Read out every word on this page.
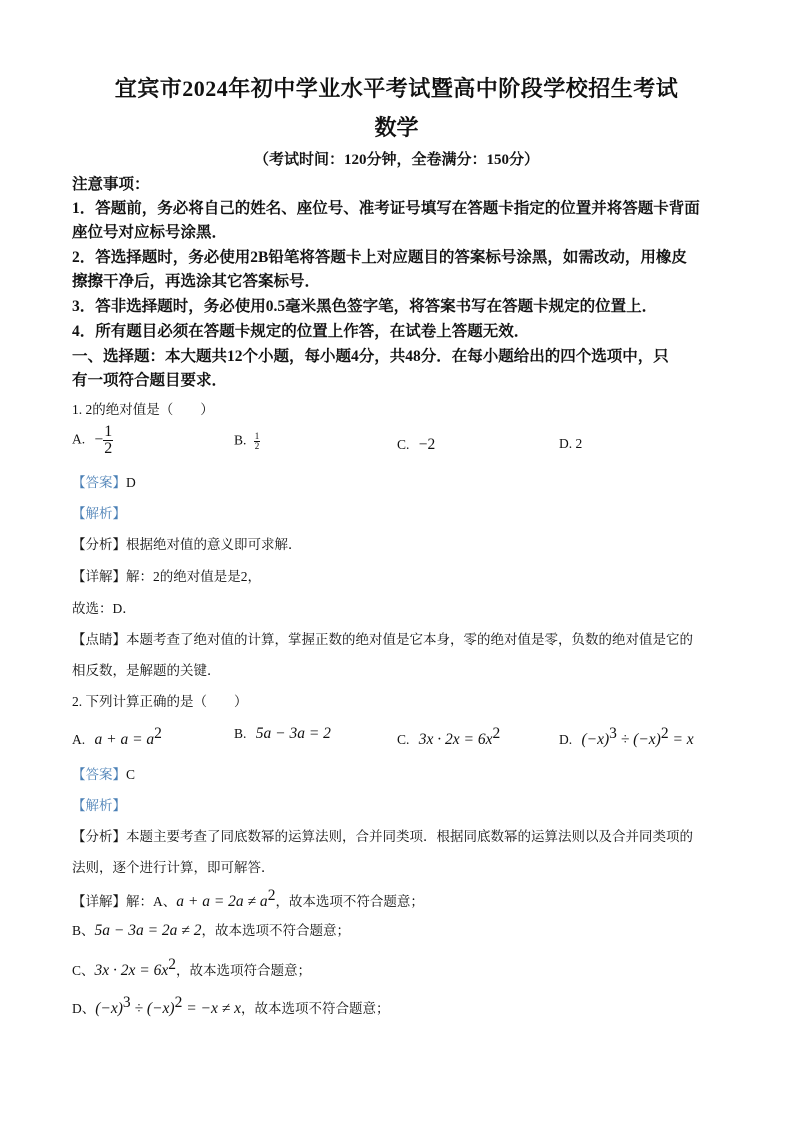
宜宾市2024年初中学业水平考试暨高中阶段学校招生考试
数学
（考试时间：120分钟，全卷满分：150分）
注意事项：
1．答题前，务必将自己的姓名、座位号、准考证号填写在答题卡指定的位置并将答题卡背面
座位号对应标号涂黑．
2．答选择题时，务必使用2B铅笔将答题卡上对应题目的答案标号涂黑，如需改动，用橡皮
擦擦干净后，再选涂其它答案标号．
3．答非选择题时，务必使用0.5毫米黑色签字笔，将答案书写在答题卡规定的位置上．
4．所有题目必须在答题卡规定的位置上作答，在试卷上答题无效．
一、选择题：本大题共12个小题，每小题4分，共48分．在每小题给出的四个选项中，只
有一项符合题目要求．
1. 2的绝对值是（　　）
A. − $\frac{1}{2}$	B. $\frac{1}{2}$	C. −2	D. 2
【答案】D
【解析】
【分析】根据绝对值的意义即可求解．
【详解】解：2的绝对值是是2，
故选：D．
【点睛】本题考查了绝对值的计算，掌握正数的绝对值是它本身，零的绝对值是零，负数的绝对值是它的
相反数，是解题的关键．
2. 下列计算正确的是（　　）
A. $a + a = a^2$	B. 5a − 3a = 2	C. $3x \cdot 2x = 6x^2$	D. $(-x)^3 \div (-x)^2 = x$
【答案】C
【解析】
【分析】本题主要考查了同底数幂的运算法则，合并同类项．根据同底数幂的运算法则以及合并同类项的
法则，逐个进行计算，即可解答．
【详解】解：A、$a + a = 2a \ne a^2$，故本选项不符合题意；
B、5a − 3a = 2a ≠ 2，故本选项不符合题意；
C、$3x \cdot 2x = 6x^2$，故本选项符合题意；
D、$(-x)^3 \div (-x)^2 = -x \ne x$，故本选项不符合题意；
